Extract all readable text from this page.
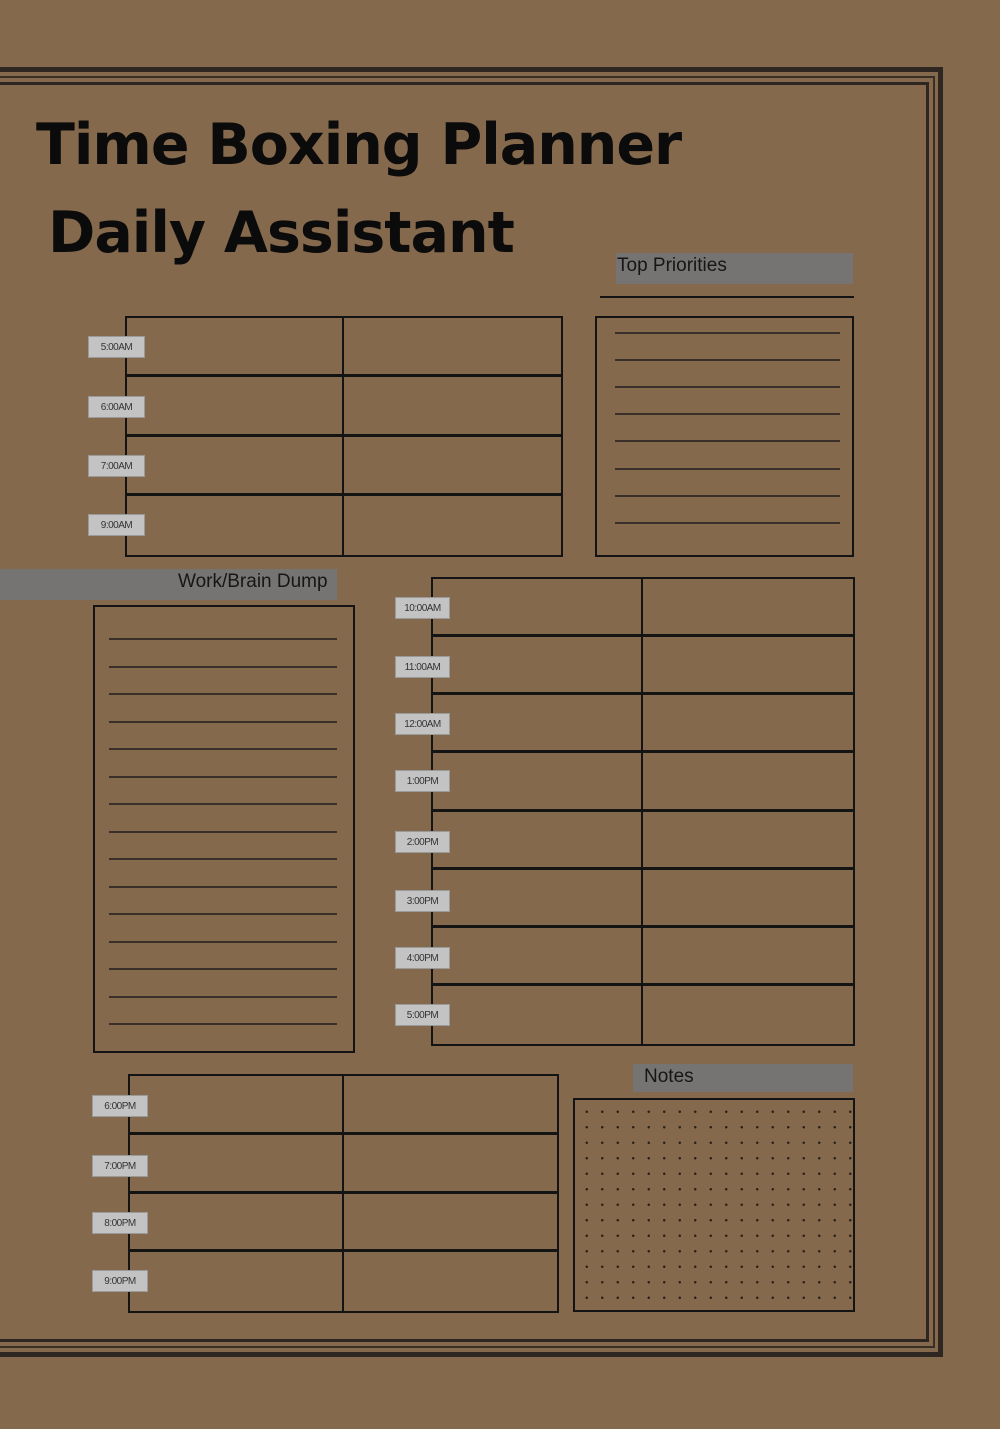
Time Boxing Planner
Daily Assistant	Top Priorities
Work/Brain Dump
Notes
5:00AM
6:00AM
7:00AM
9:00AM
10:00AM
11:00AM
12:00AM
1:00PM
2:00PM
3:00PM
4:00PM
5:00PM
6:00PM
7:00PM
8:00PM
9:00PM
